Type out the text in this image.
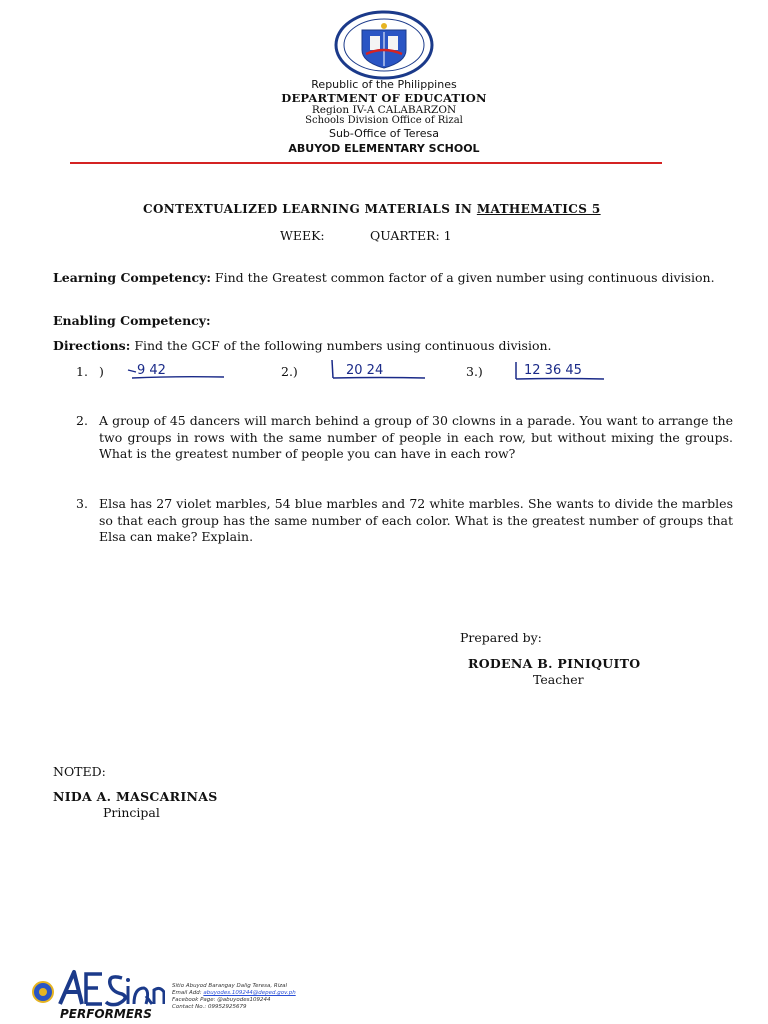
Republic of the Philippines
DEPARTMENT OF EDUCATION
Region IV-A CALABARZON
Schools Division Office of Rizal
Sub-Office of Teresa
ABUYOD ELEMENTARY SCHOOL
CONTEXTUALIZED LEARNING MATERIALS IN MATHEMATICS 5
WEEK:	QUARTER: 1
Learning Competency: Find the Greatest common factor of a given number using continuous division.
Enabling Competency:
Directions: Find the GCF of the following numbers using continuous division.
1. )	9 42	2.)	20 24	3.)	12 36 45
2. A group of 45 dancers will march behind a group of 30 clowns in a parade. You want to arrange the two groups in rows with the same number of people in each row, but without mixing the groups. What is the greatest number of people you can have in each row?
3. Elsa has 27 violet marbles, 54 blue marbles and 72 white marbles. She wants to divide the marbles so that each group has the same number of each color. What is the greatest number of groups that Elsa can make? Explain.
Prepared by:
RODENA B. PINIQUITO
Teacher
NOTED:
NIDA A. MASCARINAS
Principal
PERFORMERS
Sitio Abuyod Barangay Dalig Teresa, Rizal
Email Add: abuyodes.109244@deped.gov.ph
Facebook Page: @abuyodes109244
Contact No.: 09952925679
